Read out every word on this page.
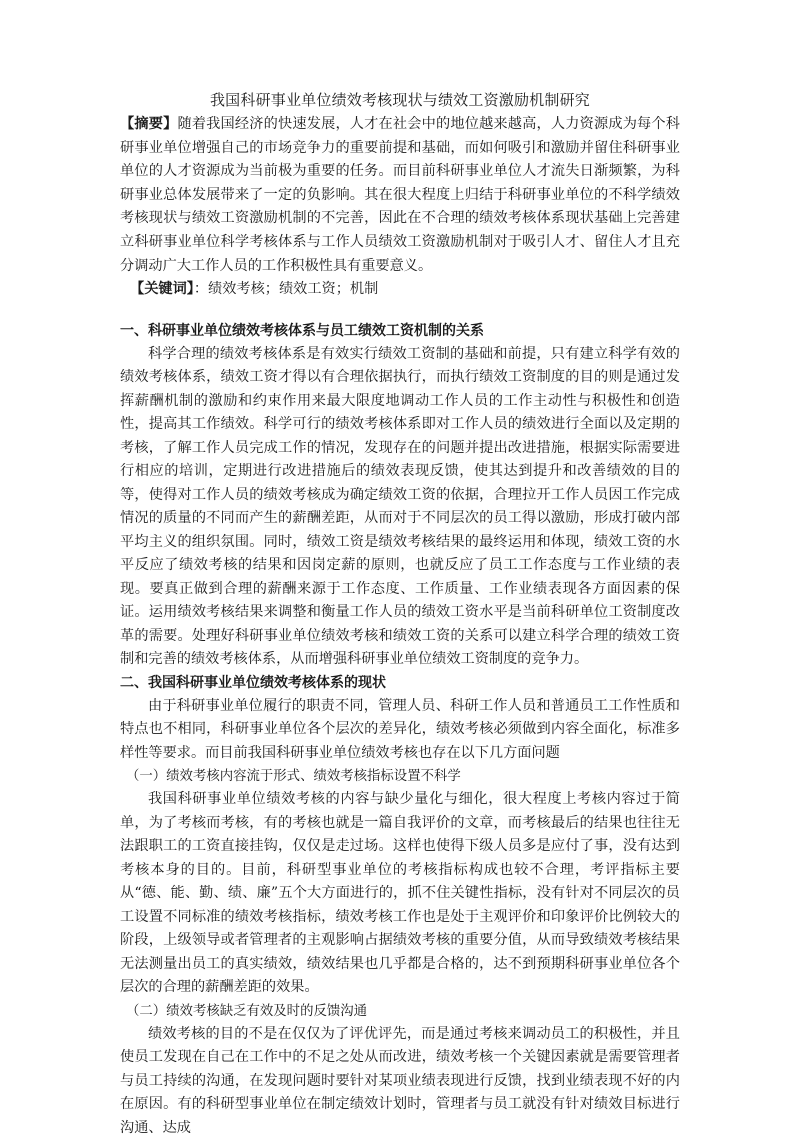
我国科研事业单位绩效考核现状与绩效工资激励机制研究

【摘要】随着我国经济的快速发展，人才在社会中的地位越来越高，人力资源成为每个科研事业单位增强自己的市场竞争力的重要前提和基础，而如何吸引和激励并留住科研事业单位的人才资源成为当前极为重要的任务。而目前科研事业单位人才流失日渐频繁，为科研事业总体发展带来了一定的负影响。其在很大程度上归结于科研事业单位的不科学绩效考核现状与绩效工资激励机制的不完善，因此在不合理的绩效考核体系现状基础上完善建立科研事业单位科学考核体系与工作人员绩效工资激励机制对于吸引人才、留住人才且充分调动广大工作人员的工作积极性具有重要意义。

【关键词】：绩效考核；绩效工资；机制

一、科研事业单位绩效考核体系与员工绩效工资机制的关系

科学合理的绩效考核体系是有效实行绩效工资制的基础和前提，只有建立科学有效的绩效考核体系，绩效工资才得以有合理依据执行，而执行绩效工资制度的目的则是通过发挥薪酬机制的激励和约束作用来最大限度地调动工作人员的工作主动性与积极性和创造性，提高其工作绩效。科学可行的绩效考核体系即对工作人员的绩效进行全面以及定期的考核，了解工作人员完成工作的情况，发现存在的问题并提出改进措施，根据实际需要进行相应的培训，定期进行改进措施后的绩效表现反馈，使其达到提升和改善绩效的目的等，使得对工作人员的绩效考核成为确定绩效工资的依据，合理拉开工作人员因工作完成情况的质量的不同而产生的薪酬差距，从而对于不同层次的员工得以激励，形成打破内部平均主义的组织氛围。同时，绩效工资是绩效考核结果的最终运用和体现，绩效工资的水平反应了绩效考核的结果和因岗定薪的原则，也就反应了员工工作态度与工作业绩的表现。要真正做到合理的薪酬来源于工作态度、工作质量、工作业绩表现各方面因素的保证。运用绩效考核结果来调整和衡量工作人员的绩效工资水平是当前科研单位工资制度改革的需要。处理好科研事业单位绩效考核和绩效工资的关系可以建立科学合理的绩效工资制和完善的绩效考核体系，从而增强科研事业单位绩效工资制度的竞争力。

二、我国科研事业单位绩效考核体系的现状

由于科研事业单位履行的职责不同，管理人员、科研工作人员和普通员工工作性质和特点也不相同，科研事业单位各个层次的差异化，绩效考核必须做到内容全面化，标准多样性等要求。而目前我国科研事业单位绩效考核也存在以下几方面问题

（一）绩效考核内容流于形式、绩效考核指标设置不科学

我国科研事业单位绩效考核的内容与缺少量化与细化，很大程度上考核内容过于简单，为了考核而考核，有的考核也就是一篇自我评价的文章，而考核最后的结果也往往无法跟职工的工资直接挂钩，仅仅是走过场。这样也使得下级人员多是应付了事，没有达到考核本身的目的。目前，科研型事业单位的考核指标构成也较不合理，考评指标主要从“德、能、勤、绩、廉”五个大方面进行的，抓不住关键性指标，没有针对不同层次的员工设置不同标准的绩效考核指标，绩效考核工作也是处于主观评价和印象评价比例较大的阶段，上级领导或者管理者的主观影响占据绩效考核的重要分值，从而导致绩效考核结果无法测量出员工的真实绩效，绩效结果也几乎都是合格的，达不到预期科研事业单位各个层次的合理的薪酬差距的效果。

（二）绩效考核缺乏有效及时的反馈沟通

绩效考核的目的不是在仅仅为了评优评先，而是通过考核来调动员工的积极性，并且使员工发现在自己在工作中的不足之处从而改进，绩效考核一个关键因素就是需要管理者与员工持续的沟通，在发现问题时要针对某项业绩表现进行反馈，找到业绩表现不好的内在原因。有的科研型事业单位在制定绩效计划时，管理者与员工就没有针对绩效目标进行沟通、达成
